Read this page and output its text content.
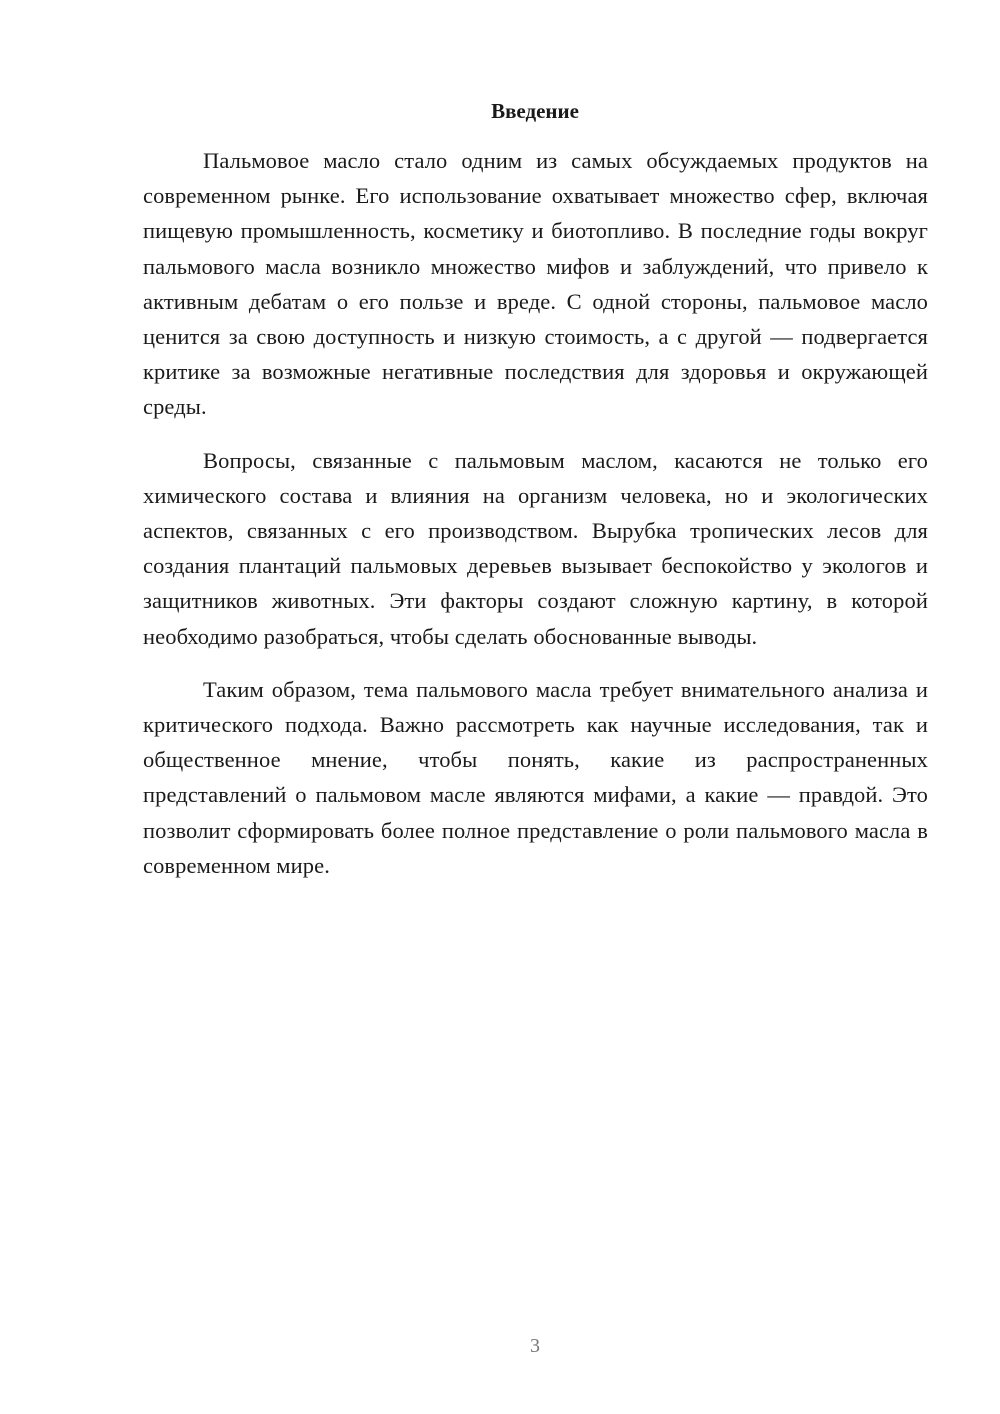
Введение

Пальмовое масло стало одним из самых обсуждаемых продуктов на современном рынке. Его использование охватывает множество сфер, включая пищевую промышленность, косметику и биотопливо. В последние годы вокруг пальмового масла возникло множество мифов и заблуждений, что привело к активным дебатам о его пользе и вреде. С одной стороны, пальмовое масло ценится за свою доступность и низкую стоимость, а с другой — подвергается критике за возможные негативные последствия для здоровья и окружающей среды.

Вопросы, связанные с пальмовым маслом, касаются не только его химического состава и влияния на организм человека, но и экологических аспектов, связанных с его производством. Вырубка тропических лесов для создания плантаций пальмовых деревьев вызывает беспокойство у экологов и защитников животных. Эти факторы создают сложную картину, в которой необходимо разобраться, чтобы сделать обоснованные выводы.

Таким образом, тема пальмового масла требует внимательного анализа и критического подхода. Важно рассмотреть как научные исследования, так и общественное мнение, чтобы понять, какие из распространенных представлений о пальмовом масле являются мифами, а какие — правдой. Это позволит сформировать более полное представление о роли пальмового масла в современном мире.

3
